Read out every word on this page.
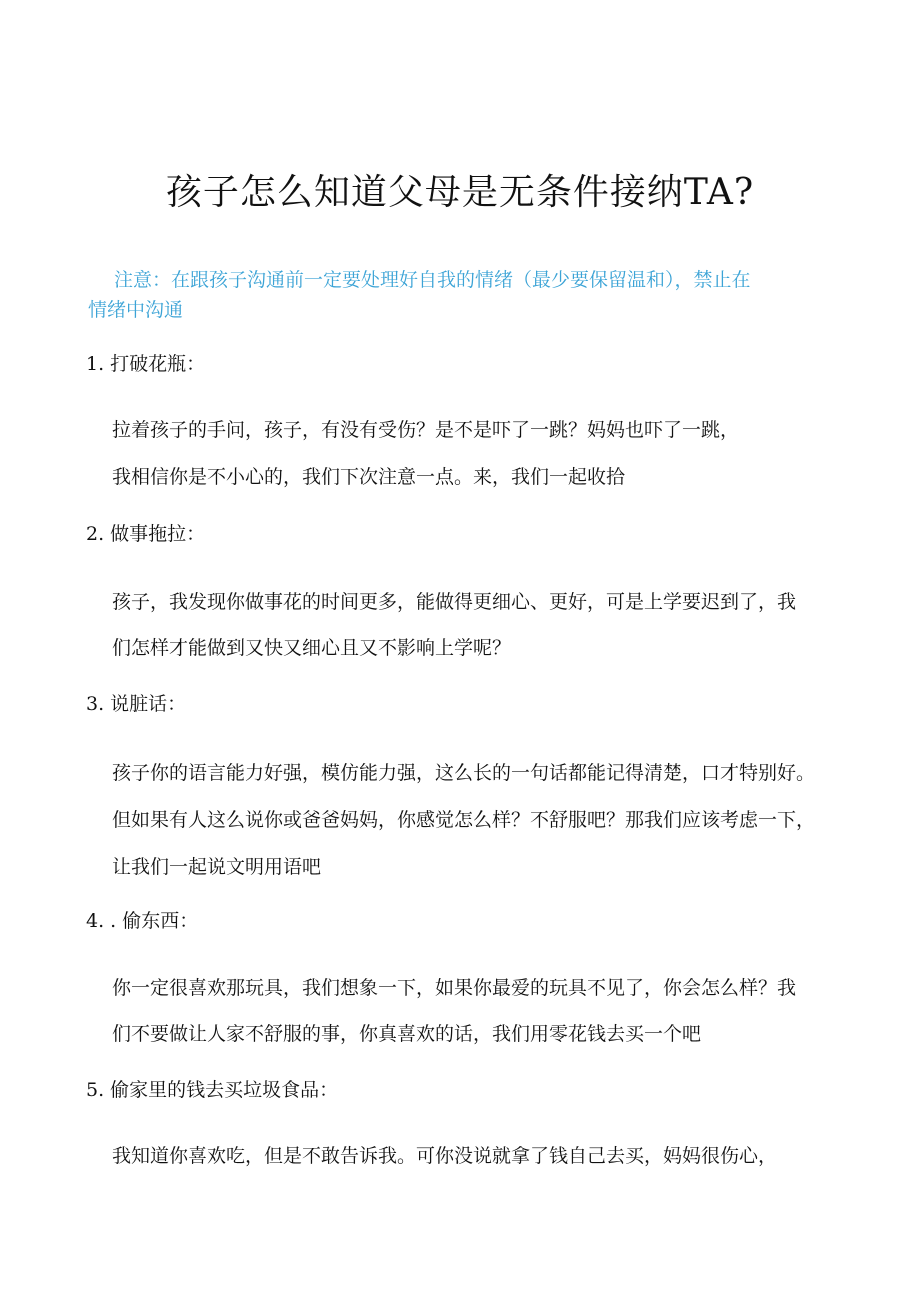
孩子怎么知道父母是无条件接纳TA?
注意：在跟孩子沟通前一定要处理好自我的情绪（最少要保留温和），禁止在
情绪中沟通
1. 打破花瓶：
拉着孩子的手问，孩子，有没有受伤？是不是吓了一跳？妈妈也吓了一跳，
我相信你是不小心的，我们下次注意一点。来，我们一起收拾
2. 做事拖拉：
孩子，我发现你做事花的时间更多，能做得更细心、更好，可是上学要迟到了，我
们怎样才能做到又快又细心且又不影响上学呢？
3. 说脏话：
孩子你的语言能力好强，模仿能力强，这么长的一句话都能记得清楚，口才特别好。
但如果有人这么说你或爸爸妈妈，你感觉怎么样？不舒服吧？那我们应该考虑一下，
让我们一起说文明用语吧
4. . 偷东西：
你一定很喜欢那玩具，我们想象一下，如果你最爱的玩具不见了，你会怎么样？我
们不要做让人家不舒服的事，你真喜欢的话，我们用零花钱去买一个吧
5. 偷家里的钱去买垃圾食品：
我知道你喜欢吃，但是不敢告诉我。可你没说就拿了钱自己去买，妈妈很伤心，
